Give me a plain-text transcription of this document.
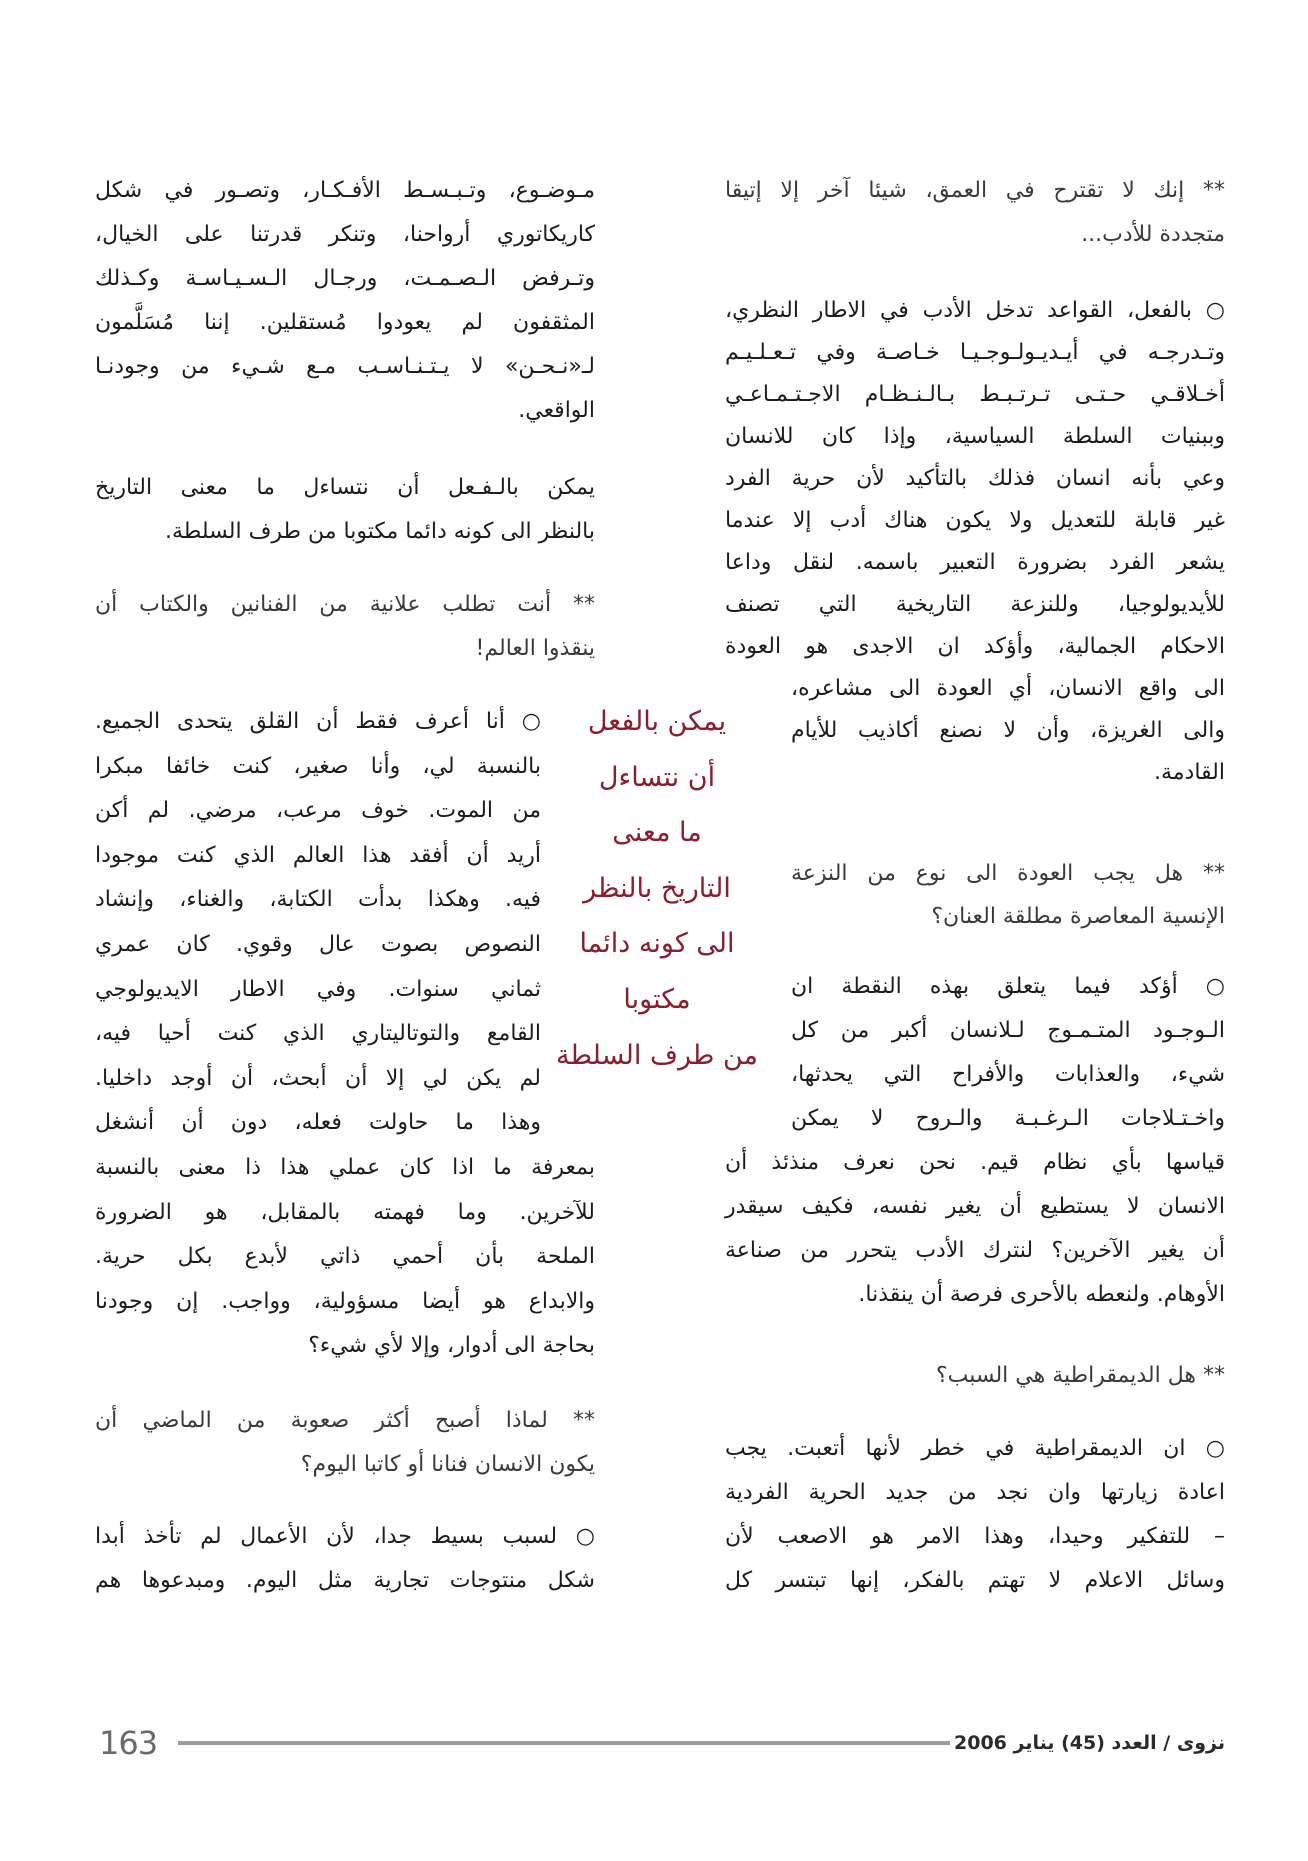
** إنك لا تقترح في العمق، شيئا آخر إلا إتيقا
متجددة للأدب...
○ بالفعل، القواعد تدخل الأدب في الاطار النظري،
وتـدرجـه في أيـديـولـوجـيـا خـاصـة وفي تـعـلـيـم
أخـلاقـي حـتـى تـرتـبـط بـالـنـظـام الاجـتـمـاعـي
وببنيات السلطة السياسية، وإذا كان للانسان
وعي بأنه انسان فذلك بالتأكيد لأن حرية الفرد
غير قابلة للتعديل ولا يكون هناك أدب إلا عندما
يشعر الفرد بضرورة التعبير باسمه. لنقل وداعا
للأيديولوجيا، وللنزعة التاريخية التي تصنف
الاحكام الجمالية، وأؤكد ان الاجدى هو العودة
الى واقع الانسان، أي العودة الى مشاعره،
والى الغريزة، وأن لا نصنع أكاذيب للأيام
القادمة.
** هل يجب العودة الى نوع من النزعة
الإنسية المعاصرة مطلقة العنان؟
○ أؤكد فيما يتعلق بهذه النقطة ان
الـوجـود المتـمـوج لـلانسان أكبر من كل
شيء، والعذابات والأفراح التي يحدثها،
واخـتـلاجات الـرغـبـة والـروح لا يمكن
قياسها بأي نظام قيم. نحن نعرف منذئذ أن
الانسان لا يستطيع أن يغير نفسه، فكيف سيقدر
أن يغير الآخرين؟ لنترك الأدب يتحرر من صناعة
الأوهام. ولنعطه بالأحرى فرصة أن ينقذنا.
** هل الديمقراطية هي السبب؟
○ ان الديمقراطية في خطر لأنها أتعبت. يجب
اعادة زيارتها وان نجد من جديد الحرية الفردية
– للتفكير وحيدا، وهذا الامر هو الاصعب لأن
وسائل الاعلام لا تهتم بالفكر، إنها تبتسر كل
مـوضـوع، وتـبـسـط الأفـكـار، وتصـور في شكل
كاريكاتوري أرواحنا، وتنكر قدرتنا على الخيال،
وتـرفض الـصـمـت، ورجـال الـسـيـاسـة وكـذلك
المثقفون لم يعودوا مُستقلين. إننا مُسَلَّمون
لـ«نـحـن» لا يـتـنـاسـب مـع شـيء من وجودنـا
الواقعي.
يمكن بالـفـعل أن نتساءل ما معنى التاريخ
بالنظر الى كونه دائما مكتوبا من طرف السلطة.
** أنت تطلب علانية من الفنانين والكتاب أن
ينقذوا العالم!
○ أنا أعرف فقط أن القلق يتحدى الجميع.
بالنسبة لي، وأنا صغير، كنت خائفا مبكرا
من الموت. خوف مرعب، مرضي. لم أكن
أريد أن أفقد هذا العالم الذي كنت موجودا
فيه. وهكذا بدأت الكتابة، والغناء، وإنشاد
النصوص بصوت عال وقوي. كان عمري
ثماني سنوات. وفي الاطار الايديولوجي
القامع والتوتاليتاري الذي كنت أحيا فيه،
لم يكن لي إلا أن أبحث، أن أوجد داخليا.
وهذا ما حاولت فعله، دون أن أنشغل
بمعرفة ما اذا كان عملي هذا ذا معنى بالنسبة
للآخرين. وما فهمته بالمقابل، هو الضرورة
الملحة بأن أحمي ذاتي لأبدع بكل حرية.
والابداع هو أيضا مسؤولية، وواجب. إن وجودنا
بحاجة الى أدوار، وإلا لأي شيء؟
** لماذا أصبح أكثر صعوبة من الماضي أن
يكون الانسان فنانا أو كاتبا اليوم؟
○ لسبب بسيط جدا، لأن الأعمال لم تأخذ أبدا
شكل منتوجات تجارية مثل اليوم. ومبدعوها هم
يمكن بالفعل
أن نتساءل
ما معنى
التاريخ بالنظر
الى كونه دائما
مكتوبا
من طرف السلطة
163	نزوى / العدد (45) يناير 2006
